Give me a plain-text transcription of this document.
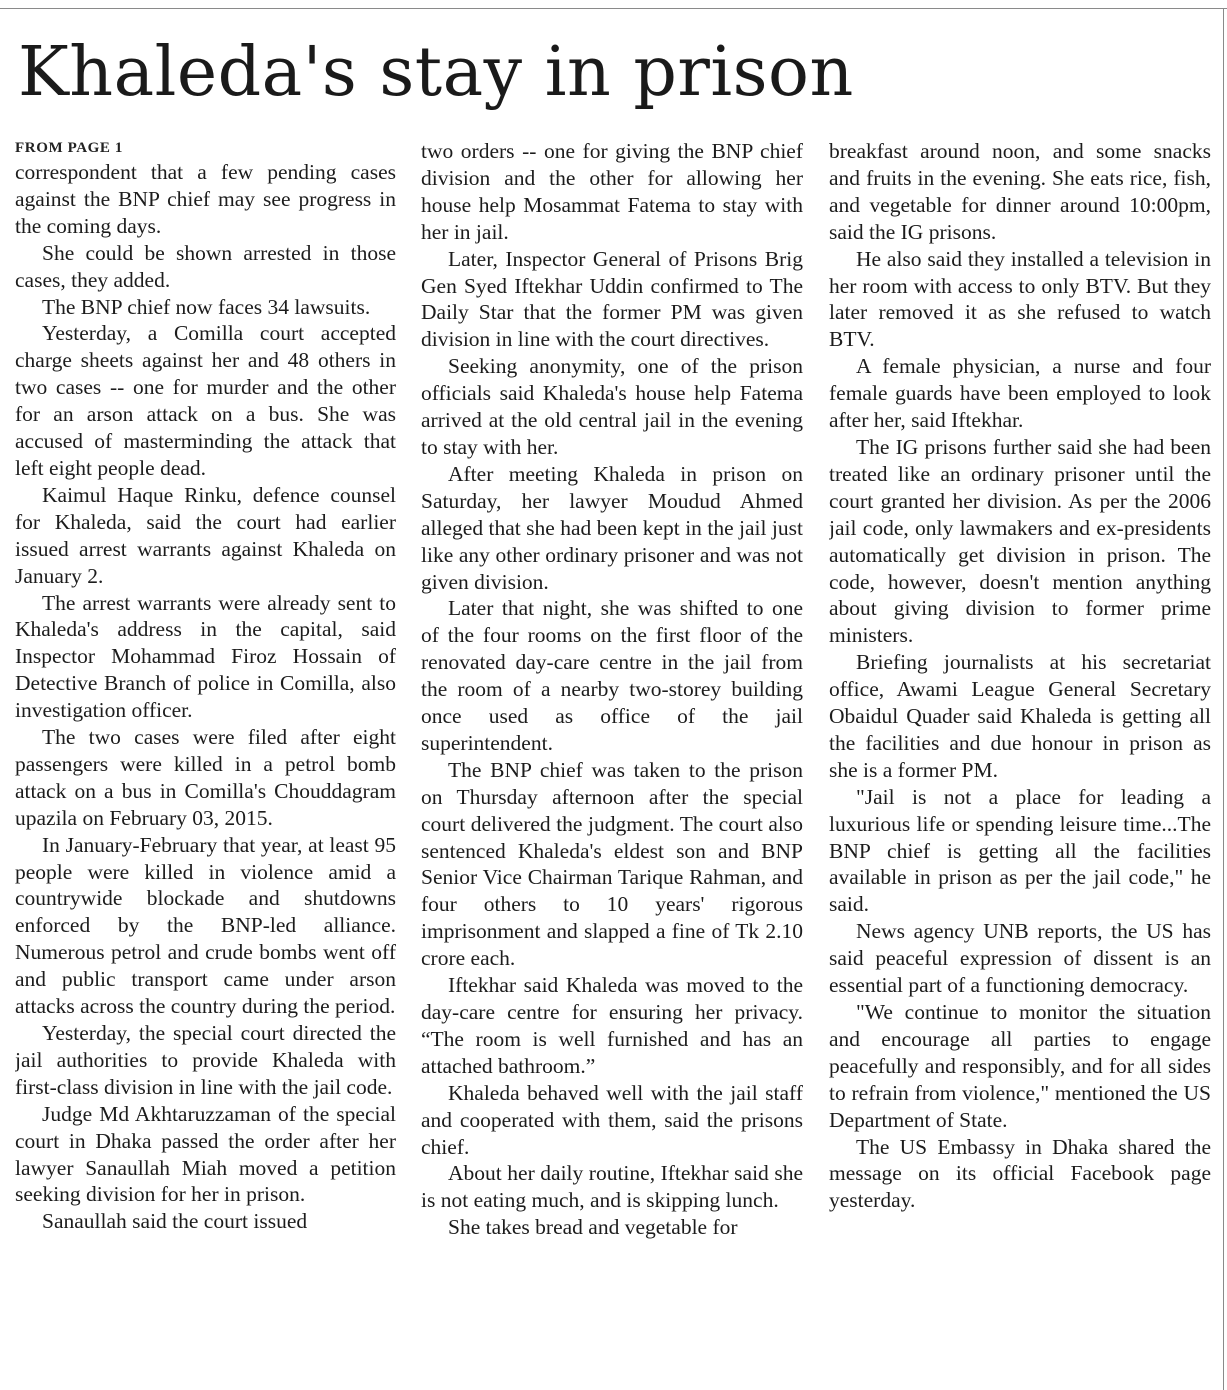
Khaleda's stay in prison
FROM PAGE 1

correspondent that a few pending cases against the BNP chief may see progress in the coming days.

She could be shown arrested in those cases, they added.

The BNP chief now faces 34 lawsuits.

Yesterday, a Comilla court accepted charge sheets against her and 48 others in two cases -- one for murder and the other for an arson attack on a bus. She was accused of masterminding the attack that left eight people dead.

Kaimul Haque Rinku, defence counsel for Khaleda, said the court had earlier issued arrest warrants against Khaleda on January 2.

The arrest warrants were already sent to Khaleda's address in the capital, said Inspector Mohammad Firoz Hossain of Detective Branch of police in Comilla, also investigation officer.

The two cases were filed after eight passengers were killed in a petrol bomb attack on a bus in Comilla's Chouddagram upazila on February 03, 2015.

In January-February that year, at least 95 people were killed in violence amid a countrywide blockade and shutdowns enforced by the BNP-led alliance. Numerous petrol and crude bombs went off and public transport came under arson attacks across the country during the period.

Yesterday, the special court directed the jail authorities to provide Khaleda with first-class division in line with the jail code.

Judge Md Akhtaruzzaman of the special court in Dhaka passed the order after her lawyer Sanaullah Miah moved a petition seeking division for her in prison.

Sanaullah said the court issued

two orders -- one for giving the BNP chief division and the other for allowing her house help Mosammat Fatema to stay with her in jail.

Later, Inspector General of Prisons Brig Gen Syed Iftekhar Uddin confirmed to The Daily Star that the former PM was given division in line with the court directives.

Seeking anonymity, one of the prison officials said Khaleda's house help Fatema arrived at the old central jail in the evening to stay with her.

After meeting Khaleda in prison on Saturday, her lawyer Moudud Ahmed alleged that she had been kept in the jail just like any other ordinary prisoner and was not given division.

Later that night, she was shifted to one of the four rooms on the first floor of the renovated day-care centre in the jail from the room of a nearby two-storey building once used as office of the jail superintendent.

The BNP chief was taken to the prison on Thursday afternoon after the special court delivered the judgment. The court also sentenced Khaleda's eldest son and BNP Senior Vice Chairman Tarique Rahman, and four others to 10 years' rigorous imprisonment and slapped a fine of Tk 2.10 crore each.

Iftekhar said Khaleda was moved to the day-care centre for ensuring her privacy. “The room is well furnished and has an attached bathroom.”

Khaleda behaved well with the jail staff and cooperated with them, said the prisons chief.

About her daily routine, Iftekhar said she is not eating much, and is skipping lunch.

She takes bread and vegetable for

breakfast around noon, and some snacks and fruits in the evening. She eats rice, fish, and vegetable for dinner around 10:00pm, said the IG prisons.

He also said they installed a television in her room with access to only BTV. But they later removed it as she refused to watch BTV.

A female physician, a nurse and four female guards have been employed to look after her, said Iftekhar.

The IG prisons further said she had been treated like an ordinary prisoner until the court granted her division. As per the 2006 jail code, only lawmakers and ex-presidents automatically get division in prison. The code, however, doesn't mention anything about giving division to former prime ministers.

Briefing journalists at his secretariat office, Awami League General Secretary Obaidul Quader said Khaleda is getting all the facilities and due honour in prison as she is a former PM.

"Jail is not a place for leading a luxurious life or spending leisure time...The BNP chief is getting all the facilities available in prison as per the jail code," he said.

News agency UNB reports, the US has said peaceful expression of dissent is an essential part of a functioning democracy.

"We continue to monitor the situation and encourage all parties to engage peacefully and responsibly, and for all sides to refrain from violence," mentioned the US Department of State.

The US Embassy in Dhaka shared the message on its official Facebook page yesterday.
